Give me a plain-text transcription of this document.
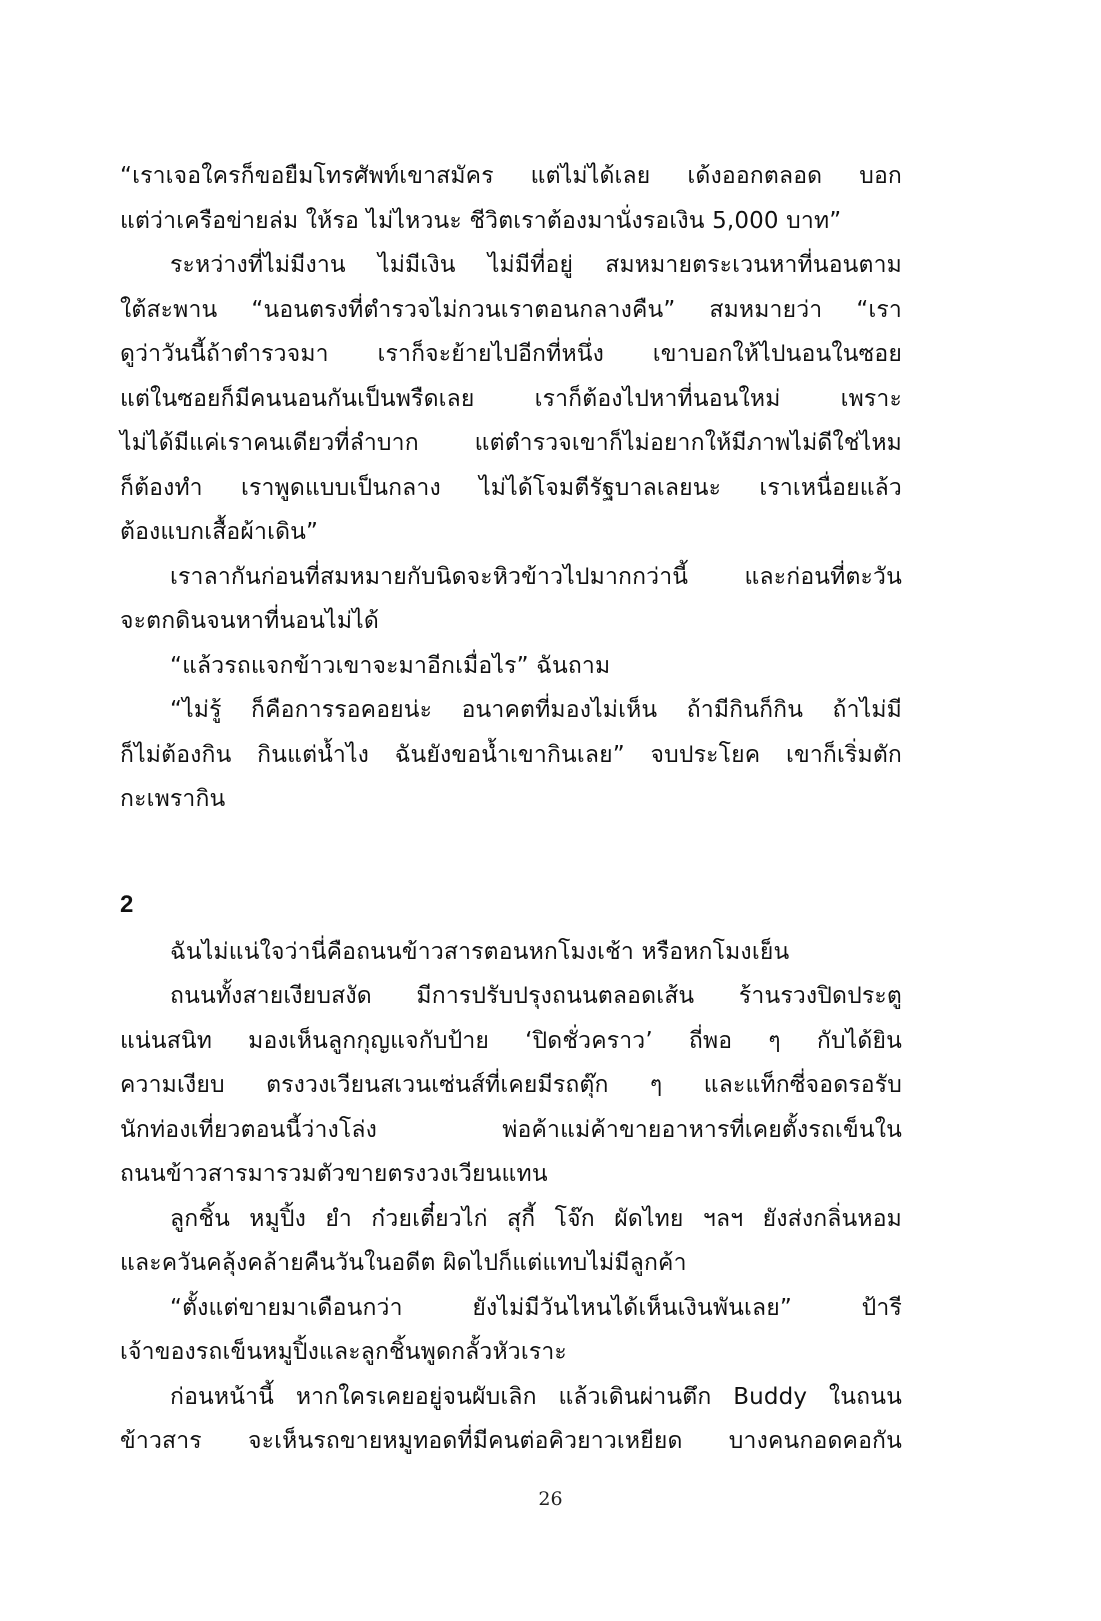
“เราเจอใครก็ขอยืมโทรศัพท์เขาสมัคร แต่ไม่ได้เลย เด้งออกตลอด บอก
แต่ว่าเครือข่ายล่ม ให้รอ ไม่ไหวนะ ชีวิตเราต้องมานั่งรอเงิน 5,000 บาท”
ระหว่างที่ไม่มีงาน ไม่มีเงิน ไม่มีที่อยู่ สมหมายตระเวนหาที่นอนตาม
ใต้สะพาน “นอนตรงที่ตำรวจไม่กวนเราตอนกลางคืน” สมหมายว่า “เรา
ดูว่าวันนี้ถ้าตำรวจมา เราก็จะย้ายไปอีกที่หนึ่ง เขาบอกให้ไปนอนในซอย
แต่ในซอยก็มีคนนอนกันเป็นพรืดเลย เราก็ต้องไปหาที่นอนใหม่ เพราะ
ไม่ได้มีแค่เราคนเดียวที่ลำบาก แต่ตำรวจเขาก็ไม่อยากให้มีภาพไม่ดีใช่ไหม
ก็ต้องทำ เราพูดแบบเป็นกลาง ไม่ได้โจมตีรัฐบาลเลยนะ เราเหนื่อยแล้ว
ต้องแบกเสื้อผ้าเดิน”
เราลากันก่อนที่สมหมายกับนิดจะหิวข้าวไปมากกว่านี้ และก่อนที่ตะวัน
จะตกดินจนหาที่นอนไม่ได้
“แล้วรถแจกข้าวเขาจะมาอีกเมื่อไร” ฉันถาม
“ไม่รู้ ก็คือการรอคอยน่ะ อนาคตที่มองไม่เห็น ถ้ามีกินก็กิน ถ้าไม่มี
ก็ไม่ต้องกิน กินแต่น้ำไง ฉันยังขอน้ำเขากินเลย” จบประโยค เขาก็เริ่มตัก
กะเพรากิน
2
ฉันไม่แน่ใจว่านี่คือถนนข้าวสารตอนหกโมงเช้า หรือหกโมงเย็น
ถนนทั้งสายเงียบสงัด มีการปรับปรุงถนนตลอดเส้น ร้านรวงปิดประตู
แน่นสนิท มองเห็นลูกกุญแจกับป้าย ‘ปิดชั่วคราว’ ถี่พอ ๆ กับได้ยิน
ความเงียบ ตรงวงเวียนสเวนเซ่นส์ที่เคยมีรถตุ๊ก ๆ และแท็กซี่จอดรอรับ
นักท่องเที่ยวตอนนี้ว่างโล่ง พ่อค้าแม่ค้าขายอาหารที่เคยตั้งรถเข็นใน
ถนนข้าวสารมารวมตัวขายตรงวงเวียนแทน
ลูกชิ้น หมูปิ้ง ยำ ก๋วยเตี๋ยวไก่ สุกี้ โจ๊ก ผัดไทย ฯลฯ ยังส่งกลิ่นหอม
และควันคลุ้งคล้ายคืนวันในอดีต ผิดไปก็แต่แทบไม่มีลูกค้า
“ตั้งแต่ขายมาเดือนกว่า ยังไม่มีวันไหนได้เห็นเงินพันเลย” ป้ารี
เจ้าของรถเข็นหมูปิ้งและลูกชิ้นพูดกลั้วหัวเราะ
ก่อนหน้านี้ หากใครเคยอยู่จนผับเลิก แล้วเดินผ่านตึก Buddy ในถนน
ข้าวสาร จะเห็นรถขายหมูทอดที่มีคนต่อคิวยาวเหยียด บางคนกอดคอกัน
26
